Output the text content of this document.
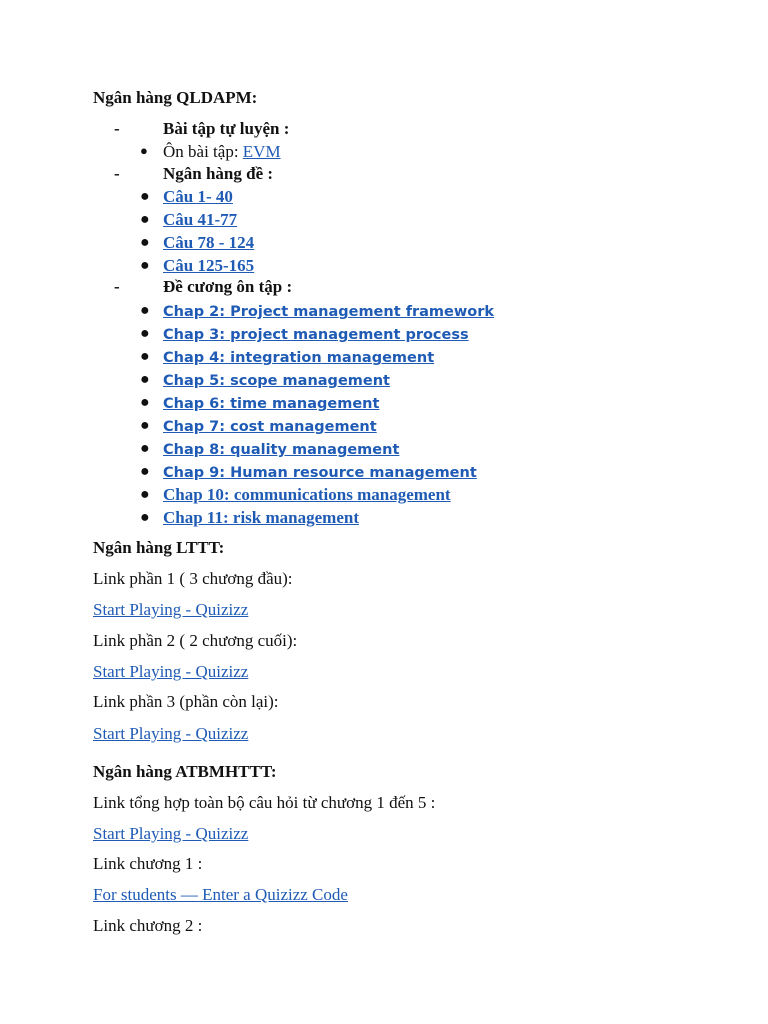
Ngân hàng QLDAPM:
-	Bài tập tự luyện :
● Ôn bài tập: EVM
-	Ngân hàng đề :
● Câu 1- 40
● Câu 41-77
● Câu 78 - 124
● Câu 125-165
-	Đề cương ôn tập :
● Chap 2: Project management framework
● Chap 3: project management process
● Chap 4: integration management
● Chap 5: scope management
● Chap 6: time management
● Chap 7: cost management
● Chap 8: quality management
● Chap 9: Human resource management
● Chap 10: communications management
● Chap 11: risk management
Ngân hàng LTTT:
Link phần 1 ( 3 chương đầu):
Start Playing - Quizizz
Link phần 2 ( 2 chương cuối):
Start Playing - Quizizz
Link phần 3 (phần còn lại):
Start Playing - Quizizz
Ngân hàng ATBMHTTT:
Link tổng hợp toàn bộ câu hỏi từ chương 1 đến 5 :
Start Playing - Quizizz
Link chương 1 :
For students — Enter a Quizizz Code
Link chương 2 :
